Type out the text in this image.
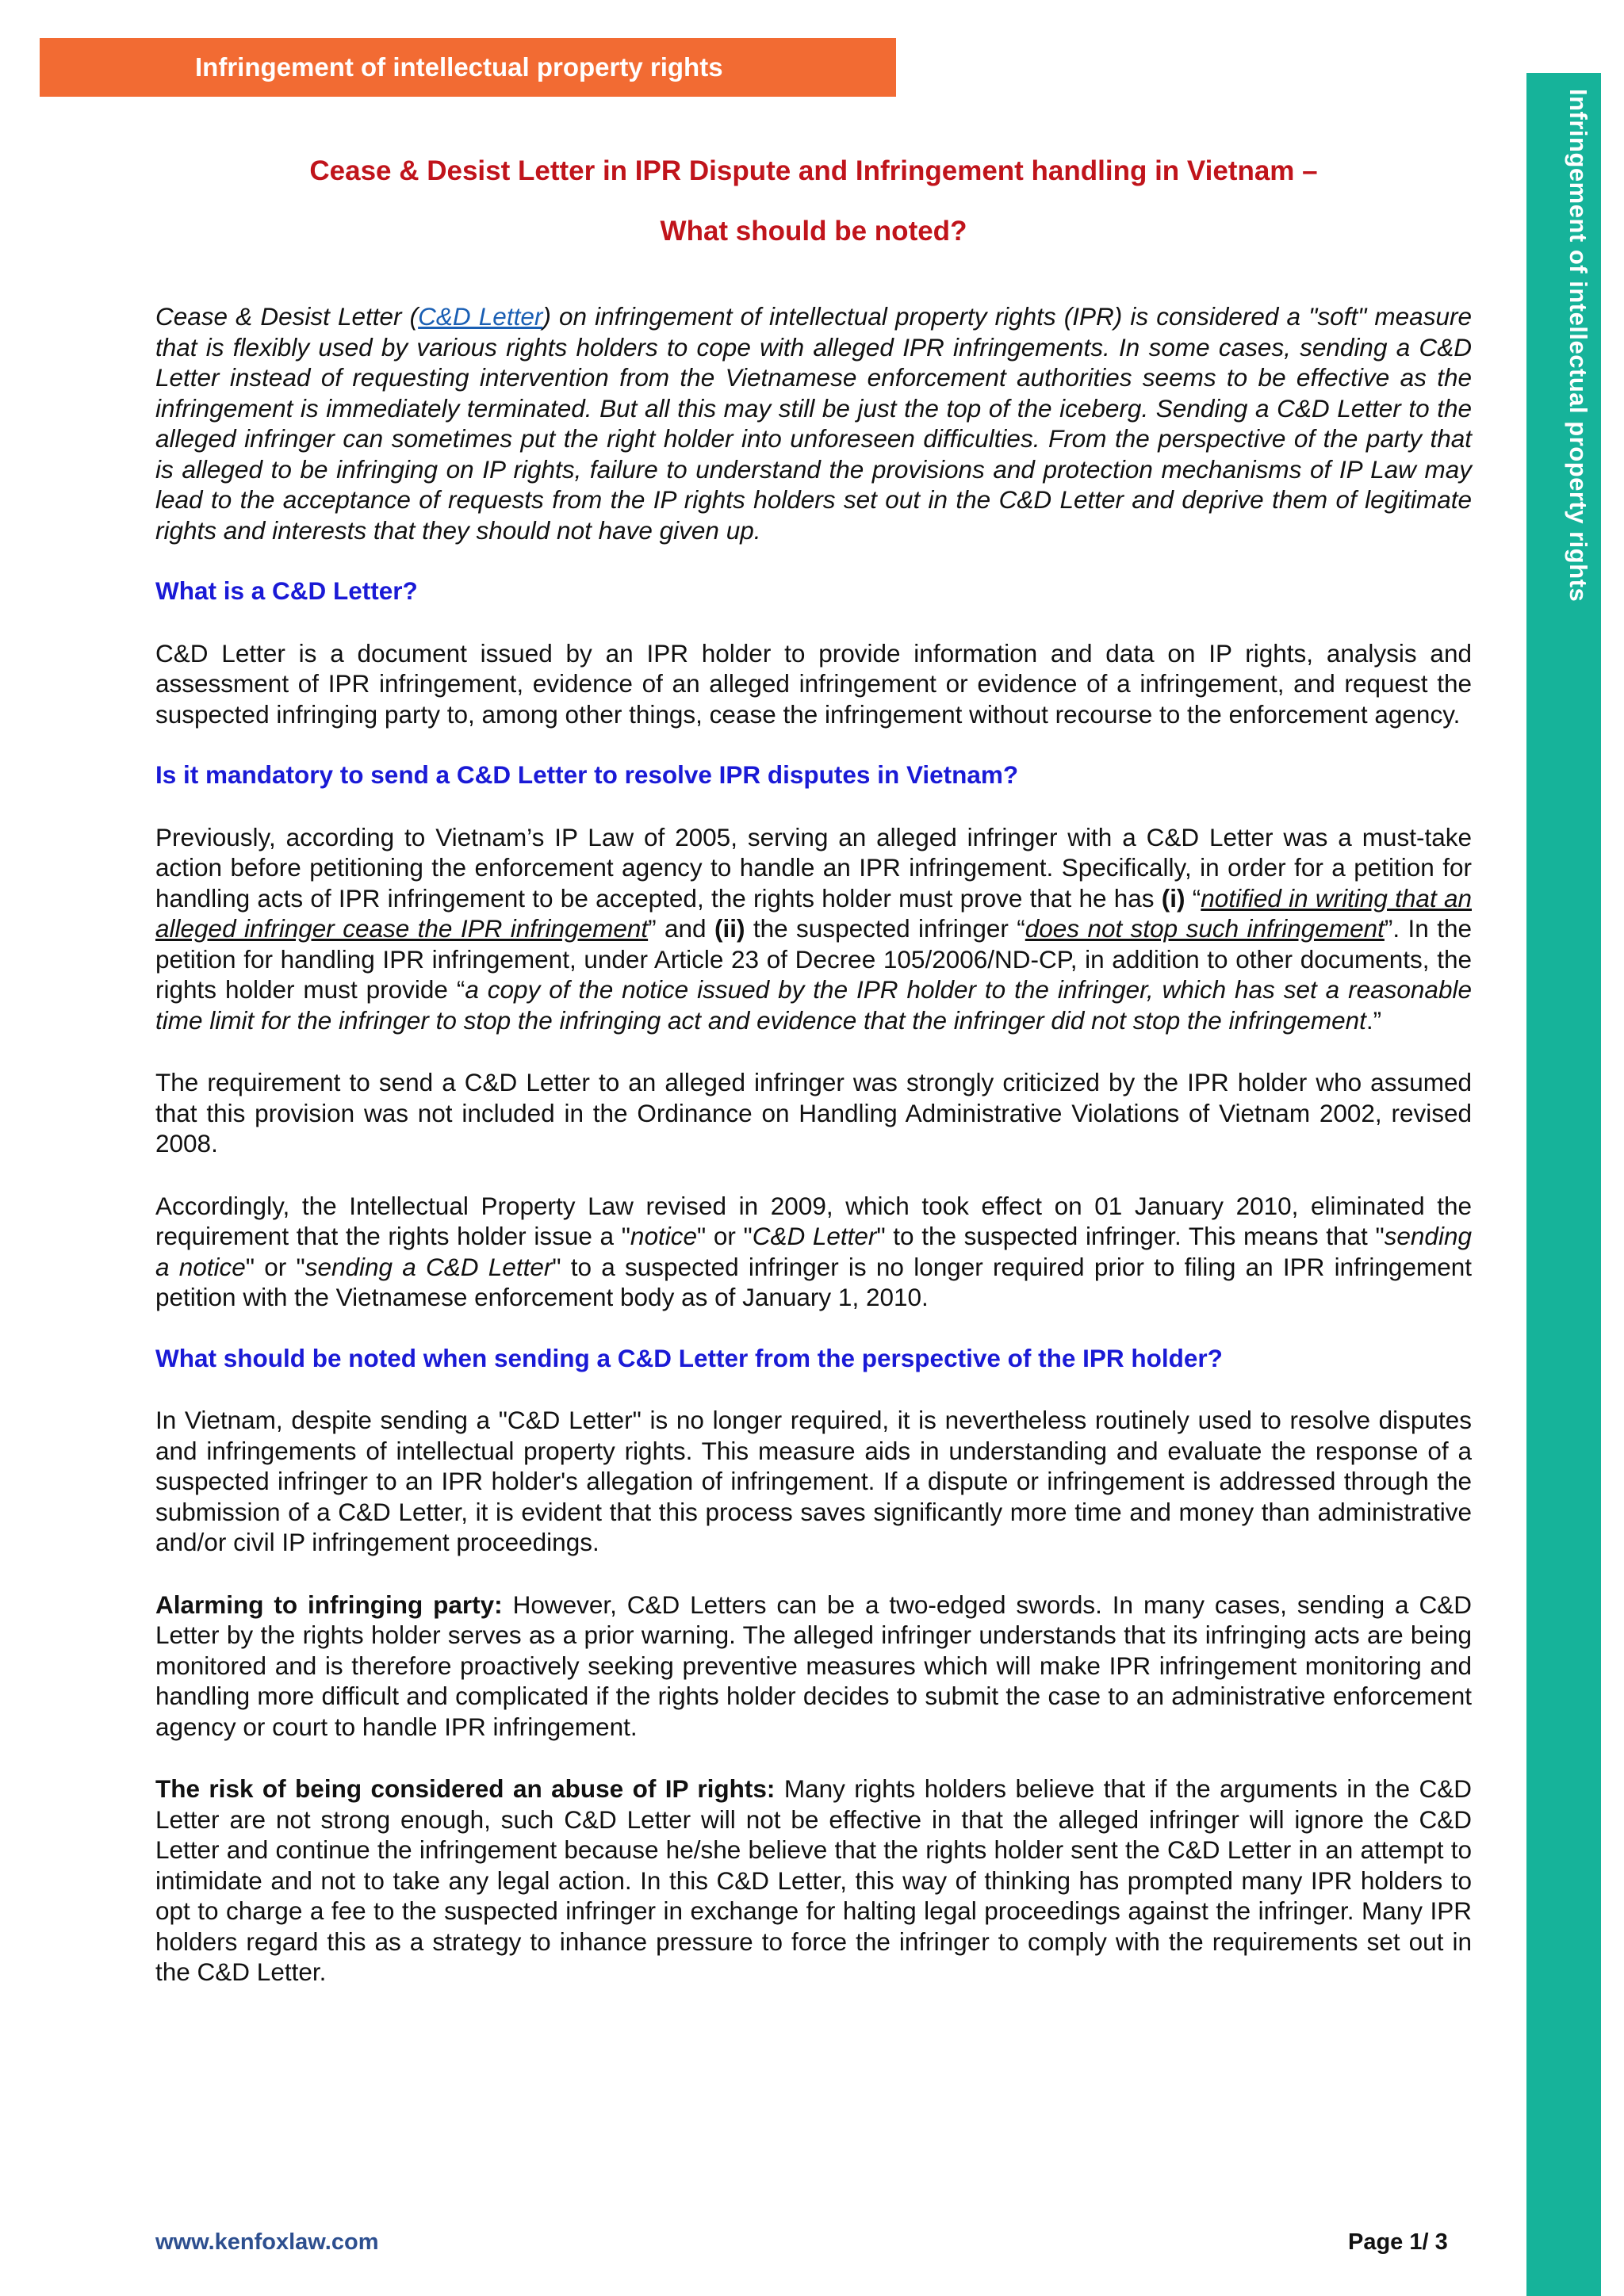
Infringement of intellectual property rights
Infringement of intellectual property rights
Cease & Desist Letter in IPR Dispute and Infringement handling in Vietnam –
What should be noted?

Cease & Desist Letter (C&D Letter) on infringement of intellectual property rights (IPR) is considered a "soft" measure that is flexibly used by various rights holders to cope with alleged IPR infringements. In some cases, sending a C&D Letter instead of requesting intervention from the Vietnamese enforcement authorities seems to be effective as the infringement is immediately terminated. But all this may still be just the top of the iceberg. Sending a C&D Letter to the alleged infringer can sometimes put the right holder into unforeseen difficulties. From the perspective of the party that is alleged to be infringing on IP rights, failure to understand the provisions and protection mechanisms of IP Law may lead to the acceptance of requests from the IP rights holders set out in the C&D Letter and deprive them of legitimate rights and interests that they should not have given up.

What is a C&D Letter?

C&D Letter is a document issued by an IPR holder to provide information and data on IP rights, analysis and assessment of IPR infringement, evidence of an alleged infringement or evidence of a infringement, and request the suspected infringing party to, among other things, cease the infringement without recourse to the enforcement agency.

Is it mandatory to send a C&D Letter to resolve IPR disputes in Vietnam?

Previously, according to Vietnam’s IP Law of 2005, serving an alleged infringer with a C&D Letter was a must-take action before petitioning the enforcement agency to handle an IPR infringement. Specifically, in order for a petition for handling acts of IPR infringement to be accepted, the rights holder must prove that he has (i) “notified in writing that an alleged infringer cease the IPR infringement” and (ii) the suspected infringer “does not stop such infringement”. In the petition for handling IPR infringement, under Article 23 of Decree 105/2006/ND-CP, in addition to other documents, the rights holder must provide “a copy of the notice issued by the IPR holder to the infringer, which has set a reasonable time limit for the infringer to stop the infringing act and evidence that the infringer did not stop the infringement.”

The requirement to send a C&D Letter to an alleged infringer was strongly criticized by the IPR holder who assumed that this provision was not included in the Ordinance on Handling Administrative Violations of Vietnam 2002, revised 2008.

Accordingly, the Intellectual Property Law revised in 2009, which took effect on 01 January 2010, eliminated the requirement that the rights holder issue a "notice" or "C&D Letter" to the suspected infringer. This means that "sending a notice" or "sending a C&D Letter" to a suspected infringer is no longer required prior to filing an IPR infringement petition with the Vietnamese enforcement body as of January 1, 2010.

What should be noted when sending a C&D Letter from the perspective of the IPR holder?

In Vietnam, despite sending a "C&D Letter" is no longer required, it is nevertheless routinely used to resolve disputes and infringements of intellectual property rights. This measure aids in understanding and evaluate the response of a suspected infringer to an IPR holder's allegation of infringement. If a dispute or infringement is addressed through the submission of a C&D Letter, it is evident that this process saves significantly more time and money than administrative and/or civil IP infringement proceedings.

Alarming to infringing party: However, C&D Letters can be a two-edged swords. In many cases, sending a C&D Letter by the rights holder serves as a prior warning. The alleged infringer understands that its infringing acts are being monitored and is therefore proactively seeking preventive measures which will make IPR infringement monitoring and handling more difficult and complicated if the rights holder decides to submit the case to an administrative enforcement agency or court to handle IPR infringement.

The risk of being considered an abuse of IP rights: Many rights holders believe that if the arguments in the C&D Letter are not strong enough, such C&D Letter will not be effective in that the alleged infringer will ignore the C&D Letter and continue the infringement because he/she believe that the rights holder sent the C&D Letter in an attempt to intimidate and not to take any legal action. In this C&D Letter, this way of thinking has prompted many IPR holders to opt to charge a fee to the suspected infringer in exchange for halting legal proceedings against the infringer. Many IPR holders regard this as a strategy to inhance pressure to force the infringer to comply with the requirements set out in the C&D Letter.

www.kenfoxlaw.com	Page 1/ 3
